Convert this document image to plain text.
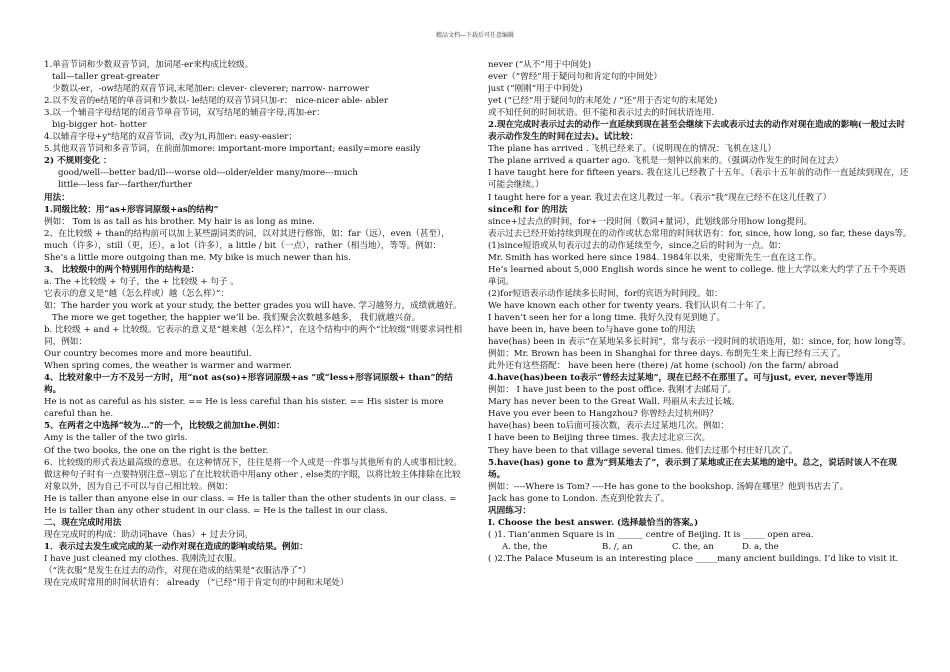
精品文档---下载后可任意编辑
1.单音节词和少数双音节词，加词尾-er来构成比较级。
tall—taller great-greater
少数以-er，-ow结尾的双音节词,末尾加er: clever- cleverer; narrow- narrower
2.以不发音的e结尾的单音词和少数以- le结尾的双音节词只加-r： nice-nicer able- abler
3.以一个辅音字母结尾的闭音节单音节词，双写结尾的辅音字母,再加-er：
big-bigger hot- hotter
4.以辅音字母+y"结尾的双音节词，改y为i,再加er: easy-easier；
5.其他双音节词和多音节词，在前面加more: important-more important; easily=more easily
2) 不规则变化 ：
good/well---better bad/ill---worse old---older/elder many/more---much
little---less far---farther/further
用法：
1.同级比较：用“as+形容词原级+as的结构”
例如： Tom is as tall as his brother. My hair is as long as mine.
2、在比较级 + than的结构前可以加上某些副词类的词，以对其进行修饰，如：far（远），even（甚至），much（许多），still（更，还），a lot（许多），a little / bit（一点），rather（相当地），等等。例如：
She’s a little more outgoing than me. My bike is much newer than his.
3、 比较级中的两个特别用作的结构是：
a. The +比较级 + 句子，the + 比较级 + 句子 。
它表示的意义是“越（怎么样或）越（怎么样）”：
如：The harder you work at your study, the better grades you will have. 学习越努力，成绩就越好。
The more we get together, the happier we’ll be. 我们聚会次数越多越多， 我们就越兴奋。
b. 比较级 + and + 比较级。它表示的意义是“越来越（怎么样）”，在这个结构中的两个“比较级”则要求词性相同，例如：
Our country becomes more and more beautiful.
When spring comes, the weather is warmer and warmer.
4、比较对象中一方不及另一方时，用“not as(so)+形容词原级+as ”或“less+形容词原级+ than”的结构。
He is not as careful as his sister. == He is less careful than his sister. == His sister is more careful than he.
5、在两者之中选择“较为…”的一个，比较级之前加the.例如：
Amy is the taller of the two girls.
Of the two books, the one on the right is the better.
6、比较级的形式表达最高级的意思。在这种情况下，往往是将一个人或是一件事与其他所有的人或事相比较。做这种句子时有一点要特别注意--别忘了在比较状语中用any other , else类的字眼，以将比较主体排除在比较对象以外，因为自己不可以与自己相比较。例如：
He is taller than anyone else in our class. = He is taller than the other students in our class. = He is taller than any other student in our class. = He is the tallest in our class.
二、现在完成时用法
现在完成时的构成：助动词have（has）+ 过去分词。
1．表示过去发生或完成的某一动作对现在造成的影响或结果。例如：
I have just cleaned my clothes. 我刚洗过衣服。
（“洗衣服”是发生在过去的动作，对现在造成的结果是“衣服洁净了”）
现在完成时常用的时间状语有： already （”已经”用于肯定句的中间和末尾处）
never (“从不”用于中间处)
ever（”曾经”用于疑问句和肯定句的中间处）
just (“刚刚”用于中间处)
yet (“已经”用于疑问句的末尾处 / “还”用于否定句的末尾处)
或不知任何的时间状语。但不能和表示过去的时间状语连用.
2.现在完成时表示过去的动作一直延续到现在甚至会继续下去或表示过去的动作对现在造成的影响(一般过去时表示动作发生的时间在过去)。试比较：
The plane has arrived . 飞机已经来了。（说明现在的情况：飞机在这儿）
The plane arrived a quarter ago. 飞机是一刻钟以前来的。（强调动作发生的时间在过去）
I have taught here for fifteen years. 我在这儿已经教了十五年。（表示十五年前的动作一直延续到现在，还可能会继续。）
I taught here for a year. 我过去在这儿教过一年。（表示“我”现在已经不在这儿任教了）
since和 for 的用法
since+过去点的时间，for+一段时间（数词+量词），此划线部分用how long提问。
表示过去已经开始持续到现在的动作或状态常用的时间状语有：for, since, how long, so far, these days等。
(1)since短语或从句表示过去的动作延续至今，since之后的时间为一点。如：
Mr. Smith has worked here since 1984. 1984年以来，史密斯先生一直在这工作。
He’s learned about 5,000 English words since he went to college. 他上大学以来大约学了五千个英语单词。
(2)for短语表示动作延续多长时间，for的宾语为时间段。如：
We have known each other for twenty years. 我们认识有二十年了。
I haven’t seen her for a long time. 我好久没有见到她了。
have been in, have been to与have gone to的用法
have(has) been in 表示“在某地呆多长时间”，常与表示一段时间的状语连用，如：since, for, how long等。
例如：Mr. Brown has been in Shanghai for three days. 布朗先生来上海已经有三天了。
此外还有这些搭配： have been here (there) /at home (school) /on the farm/ abroad
4.have(has)been to表示“曾经去过某地”，现在已经不在那里了。可与just, ever, never等连用
例如： I have just been to the post office. 我刚才去邮局了。
Mary has never been to the Great Wall. 玛丽从未去过长城。
Have you ever been to Hangzhou? 你曾经去过杭州吗？
have(has) been to后面可接次数，表示去过某地几次。例如：
I have been to Beijing three times. 我去过北京三次。
They have been to that village several times. 他们去过那个村庄好几次了。
5.have(has) gone to 意为“到某地去了”，表示到了某地或正在去某地的途中。总之，说话时该人不在现场。
例如：----Where is Tom? ----He has gone to the bookshop. 汤姆在哪里？他到书店去了。
Jack has gone to London. 杰克到伦敦去了。
巩固练习：
I. Choose the best answer. (选择最恰当的答案。)
( )1. Tian’anmen Square is in ______ centre of Beijing. It is _____ open area.
A. the, the	B. /, an	C. the, an	D. a, the
( )2.The Palace Museum is an interesting place _____many ancient buildings. I’d like to visit it.
